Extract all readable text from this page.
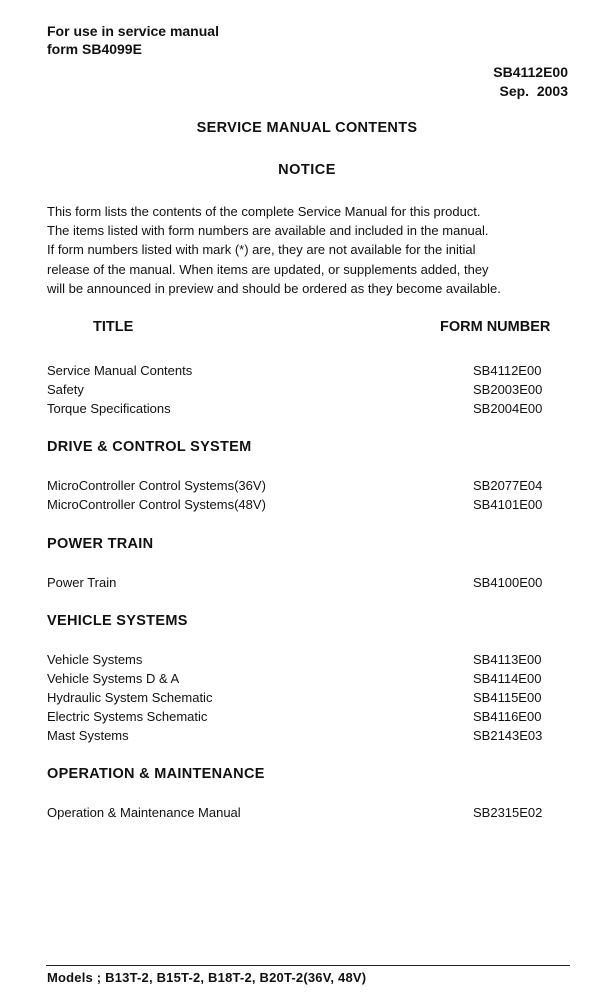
For use in service manual
form SB4099E
SB4112E00
Sep.  2003
SERVICE MANUAL CONTENTS
NOTICE
This form lists the contents of the complete Service Manual for this product.
The items listed with form numbers are available and included in the manual.
If form numbers listed with mark (*) are, they are not available for the initial
release of the manual. When items are updated, or supplements added, they
will be announced in preview and should be ordered as they become available.
TITLE	FORM NUMBER
Service Manual Contents	SB4112E00
Safety	SB2003E00
Torque Specifications	SB2004E00
DRIVE & CONTROL SYSTEM
MicroController Control Systems(36V)	SB2077E04
MicroController Control Systems(48V)	SB4101E00
POWER TRAIN
Power Train	SB4100E00
VEHICLE SYSTEMS
Vehicle Systems	SB4113E00
Vehicle Systems D & A	SB4114E00
Hydraulic System Schematic	SB4115E00
Electric Systems Schematic	SB4116E00
Mast Systems	SB2143E03
OPERATION & MAINTENANCE
Operation & Maintenance Manual	SB2315E02
Models ; B13T-2, B15T-2, B18T-2, B20T-2(36V, 48V)
